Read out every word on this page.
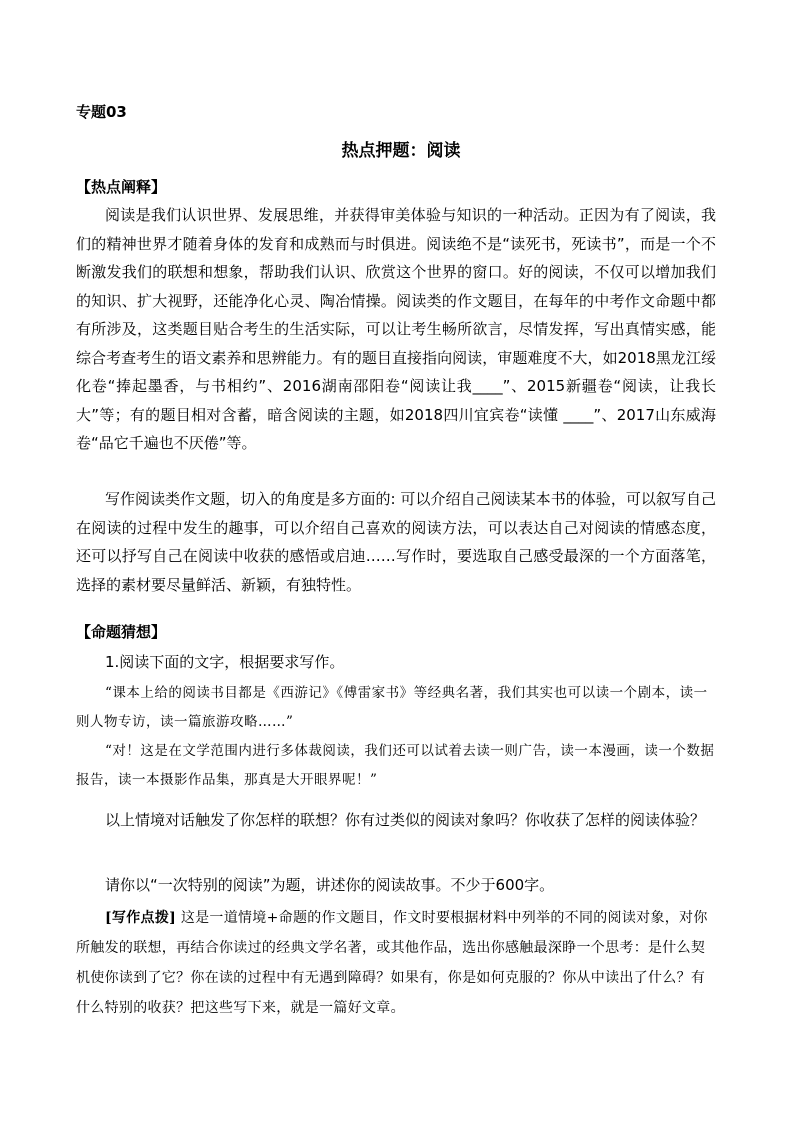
专题03
热点押题：阅读
【热点阐释】

阅读是我们认识世界、发展思维，并获得审美体验与知识的一种活动。正因为有了阅读，我们的精神世界才随着身体的发育和成熟而与时俱进。阅读绝不是“读死书，死读书”，而是一个不断激发我们的联想和想象，帮助我们认识、欣赏这个世界的窗口。好的阅读，不仅可以增加我们的知识、扩大视野，还能净化心灵、陶冶情操。阅读类的作文题目，在每年的中考作文命题中都有所涉及，这类题目贴合考生的生活实际，可以让考生畅所欲言，尽情发挥，写出真情实感，能综合考查考生的语文素养和思辨能力。有的题目直接指向阅读，审题难度不大，如2018黑龙江绥化卷“捧起墨香，与书相约”、2016湖南邵阳卷“阅读让我____”、2015新疆卷“阅读，让我长大”等；有的题目相对含蓄，暗含阅读的主题，如2018四川宜宾卷“读懂 ____”、2017山东威海卷“品它千遍也不厌倦”等。

写作阅读类作文题，切入的角度是多方面的: 可以介绍自己阅读某本书的体验，可以叙写自己在阅读的过程中发生的趣事，可以介绍自己喜欢的阅读方法，可以表达自己对阅读的情感态度，还可以抒写自己在阅读中收获的感悟或启迪……写作时，要选取自己感受最深的一个方面落笔，选择的素材要尽量鲜活、新颖，有独特性。

【命题猜想】
1.阅读下面的文字，根据要求写作。

“课本上给的阅读书目都是《西游记》《傅雷家书》等经典名著，我们其实也可以读一个剧本，读一则人物专访，读一篇旅游攻略……”

“对！这是在文学范围内进行多体裁阅读，我们还可以试着去读一则广告，读一本漫画，读一个数据报告，读一本摄影作品集，那真是大开眼界呢！”

以上情境对话触发了你怎样的联想？你有过类似的阅读对象吗？你收获了怎样的阅读体验？

请你以“一次特别的阅读”为题，讲述你的阅读故事。不少于600字。

[写作点拨] 这是一道情境+命题的作文题目，作文时要根据材料中列举的不同的阅读对象，对你所触发的联想，再结合你读过的经典文学名著，或其他作品，选出你感触最深睁一个思考：是什么契机使你读到了它？你在读的过程中有无遇到障碍？如果有，你是如何克服的？你从中读出了什么？有什么特别的收获？把这些写下来，就是一篇好文章。
